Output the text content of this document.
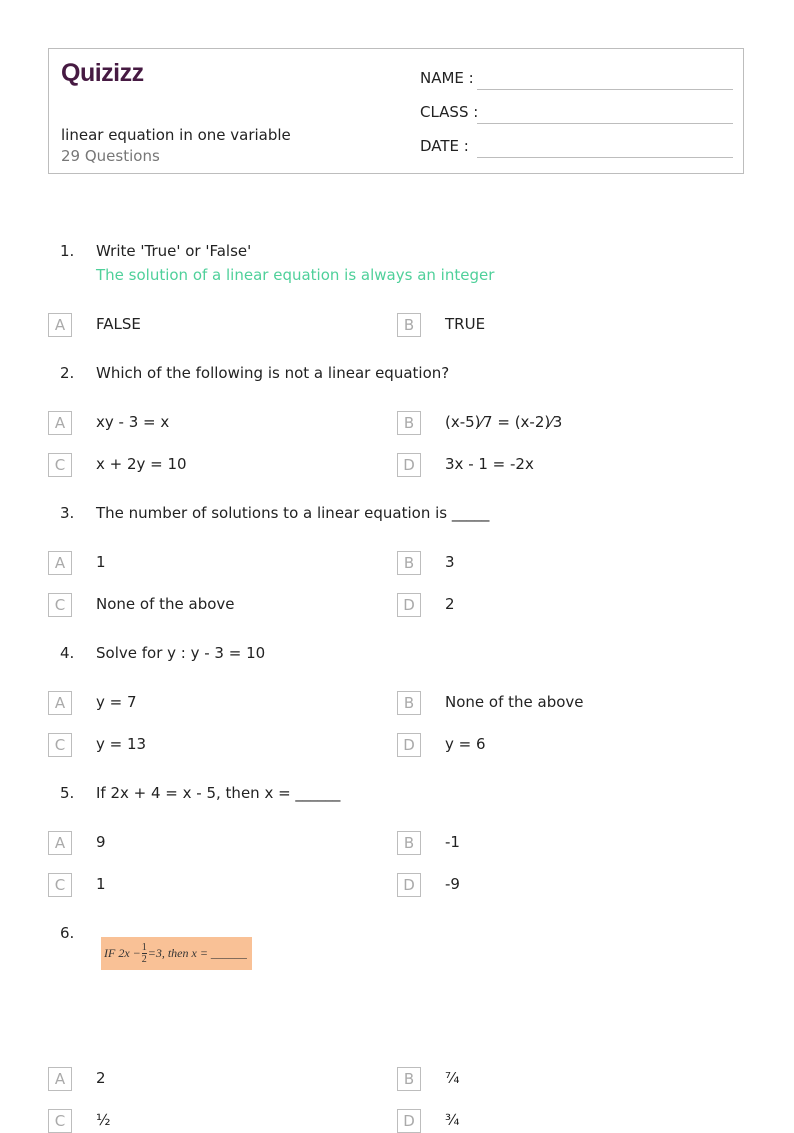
Quizizz
linear equation in one variable
29 Questions
NAME :
CLASS :
DATE :
1. Write 'True' or 'False'
The solution of a linear equation is always an integer
A	FALSE	B	TRUE
2. Which of the following is not a linear equation?
A	xy - 3 = x	B	(x-5)⁄7 = (x-2)⁄3
C	x + 2y = 10	D	3x - 1 = -2x
3. The number of solutions to a linear equation is _____
A	1	B	3
C	None of the above	D	2
4. Solve for y : y - 3 = 10
A	y = 7	B	None of the above
C	y = 13	D	y = 6
5. If 2x + 4 = x - 5, then x = ______
A	9	B	-1
C	1	D	-9
6.
IF $2x - \frac{1}{2} =3$, then x = ______
A	2	B	⁷⁄₄
C	½	D	¾
